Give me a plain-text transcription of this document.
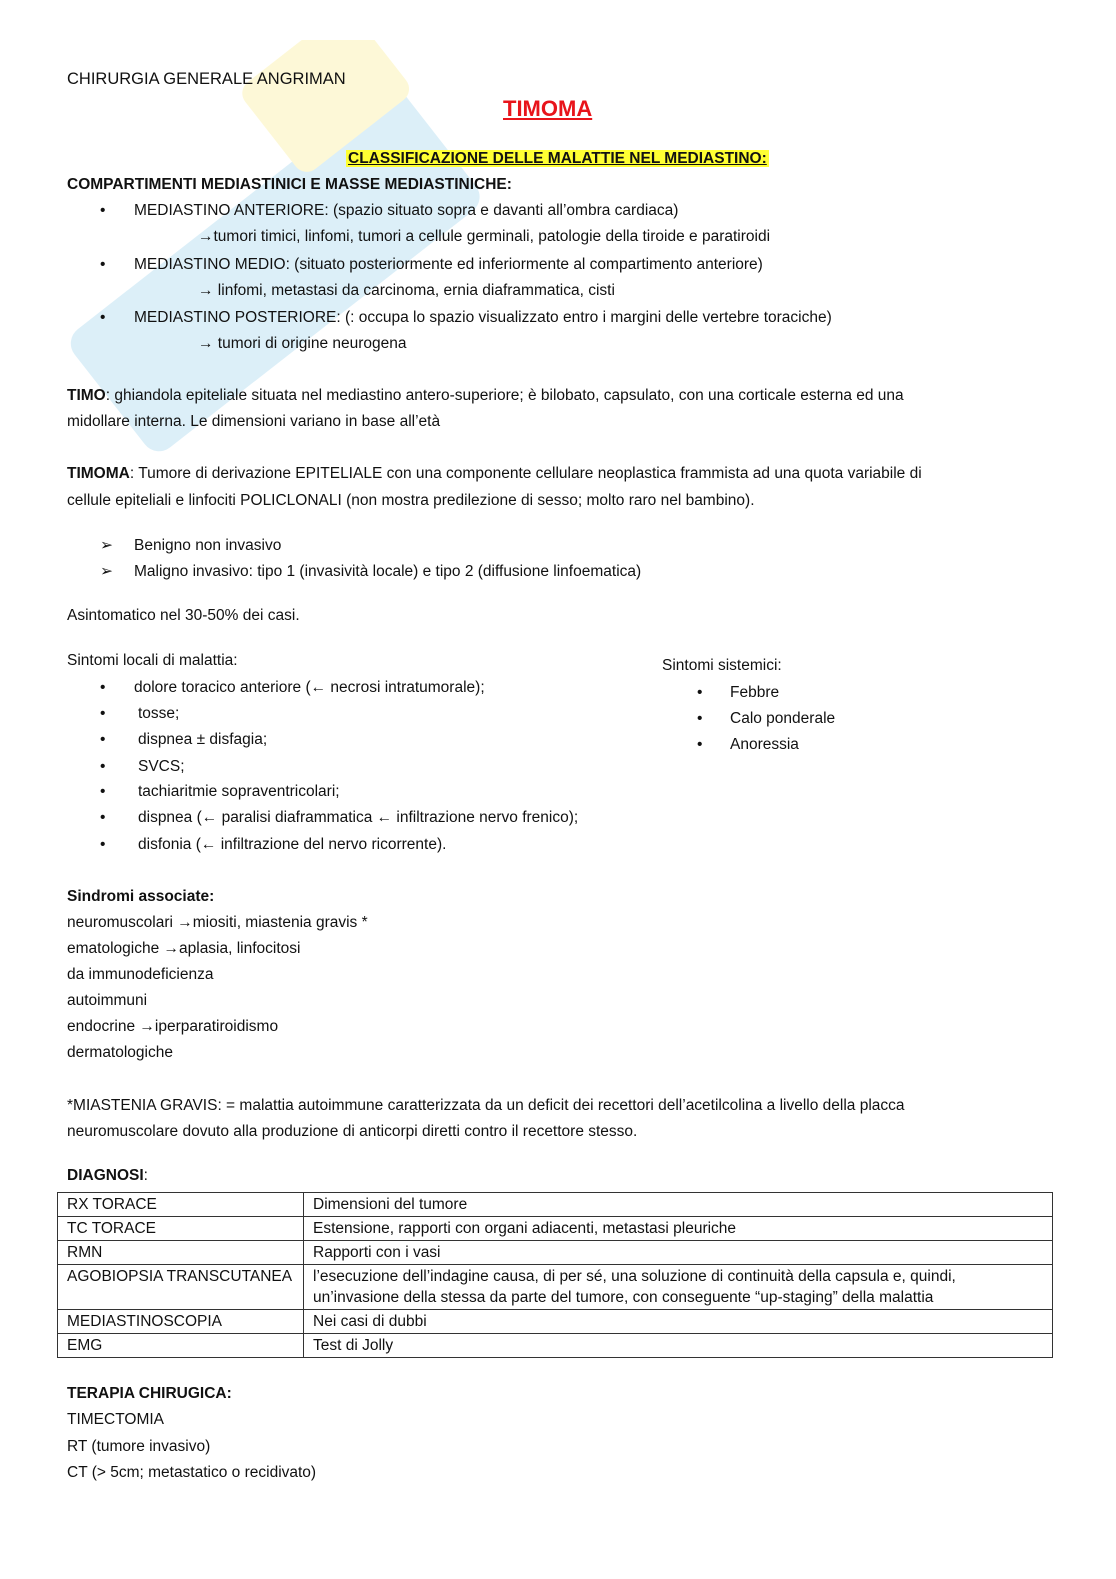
CHIRURGIA GENERALE ANGRIMAN
TIMOMA
CLASSIFICAZIONE DELLE MALATTIE NEL MEDIASTINO:
COMPARTIMENTI MEDIASTINICI E MASSE MEDIASTINICHE:
• MEDIASTINO ANTERIORE: (spazio situato sopra e davanti all’ombra cardiaca)
→tumori timici, linfomi, tumori a cellule germinali, patologie della tiroide e paratiroidi
• MEDIASTINO MEDIO: (situato posteriormente ed inferiormente al compartimento anteriore)
→ linfomi, metastasi da carcinoma, ernia diaframmatica, cisti
• MEDIASTINO POSTERIORE: (: occupa lo spazio visualizzato entro i margini delle vertebre toraciche)
→ tumori di origine neurogena
TIMO: ghiandola epiteliale situata nel mediastino antero-superiore; è bilobato, capsulato, con una corticale esterna ed una
midollare interna. Le dimensioni variano in base all’età
TIMOMA: Tumore di derivazione EPITELIALE con una componente cellulare neoplastica frammista ad una quota variabile di
cellule epiteliali e linfociti POLICLONALI (non mostra predilezione di sesso; molto raro nel bambino).
➢ Benigno non invasivo
➢ Maligno invasivo: tipo 1 (invasività locale) e tipo 2 (diffusione linfoematica)
Asintomatico nel 30-50% dei casi.
Sintomi locali di malattia:
• dolore toracico anteriore (← necrosi intratumorale);
• tosse;
• dispnea ± disfagia;
• SVCS;
• tachiaritmie sopraventricolari;
• dispnea (← paralisi diaframmatica ← infiltrazione nervo frenico);
• disfonia (← infiltrazione del nervo ricorrente).
Sintomi sistemici:
• Febbre
• Calo ponderale
• Anoressia
Sindromi associate:
neuromuscolari →miositi, miastenia gravis *
ematologiche →aplasia, linfocitosi
da immunodeficienza
autoimmuni
endocrine →iperparatiroidismo
dermatologiche
*MIASTENIA GRAVIS: = malattia autoimmune caratterizzata da un deficit dei recettori dell’acetilcolina a livello della placca
neuromuscolare dovuto alla produzione di anticorpi diretti contro il recettore stesso.
DIAGNOSI:
RX TORACE	Dimensioni del tumore
TC TORACE	Estensione, rapporti con organi adiacenti, metastasi pleuriche
RMN	Rapporti con i vasi
AGOBIOPSIA TRANSCUTANEA	l’esecuzione dell’indagine causa, di per sé, una soluzione di continuità della capsula e, quindi, un’invasione della stessa da parte del tumore, con conseguente “up-staging” della malattia
MEDIASTINOSCOPIA	Nei casi di dubbi
EMG	Test di Jolly
TERAPIA CHIRUGICA:
TIMECTOMIA
RT (tumore invasivo)
CT (> 5cm; metastatico o recidivato)
